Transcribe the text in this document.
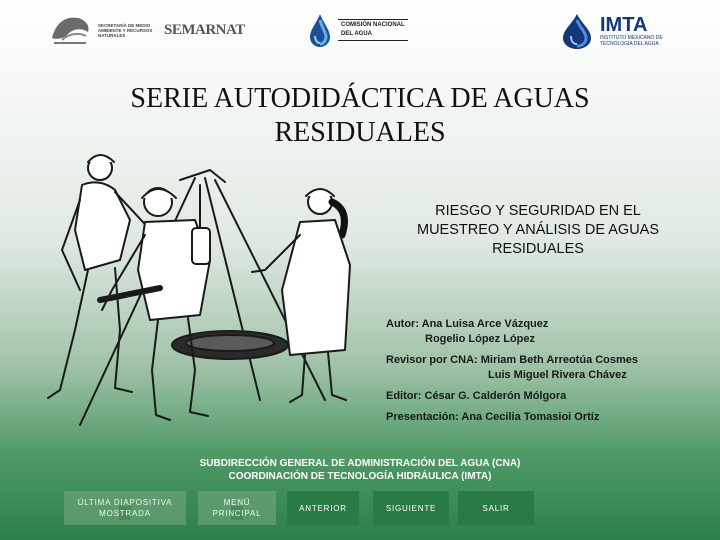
SECRETARÍA DE MEDIO AMBIENTE Y RECURSOS NATURALES	SEMARNAT	COMISIÓN NACIONAL
DEL AGUA	IMTA
INSTITUTO MEXICANO DE TECNOLOGÍA DEL AGUA
SERIE AUTODIDÁCTICA DE AGUAS
RESIDUALES
RIESGO Y SEGURIDAD EN EL
MUESTREO Y ANÁLISIS DE AGUAS
RESIDUALES
Autor: Ana Luisa Arce Vázquez
Rogelio López López
Revisor por CNA: Miriam Beth Arreotúa Cosmes
Luis Miguel Rivera Chávez
Editor: César G. Calderón Mólgora
Presentación: Ana Cecilia Tomasioi Ortíz
SUBDIRECCIÓN GENERAL DE ADMINISTRACIÓN DEL AGUA (CNA)
COORDINACIÓN DE TECNOLOGÍA HIDRÁULICA (IMTA)
ÚLTIMA DIAPOSITIVA MOSTRADA
MENÚ PRINCIPAL
ANTERIOR	SIGUIENTE	SALIR
